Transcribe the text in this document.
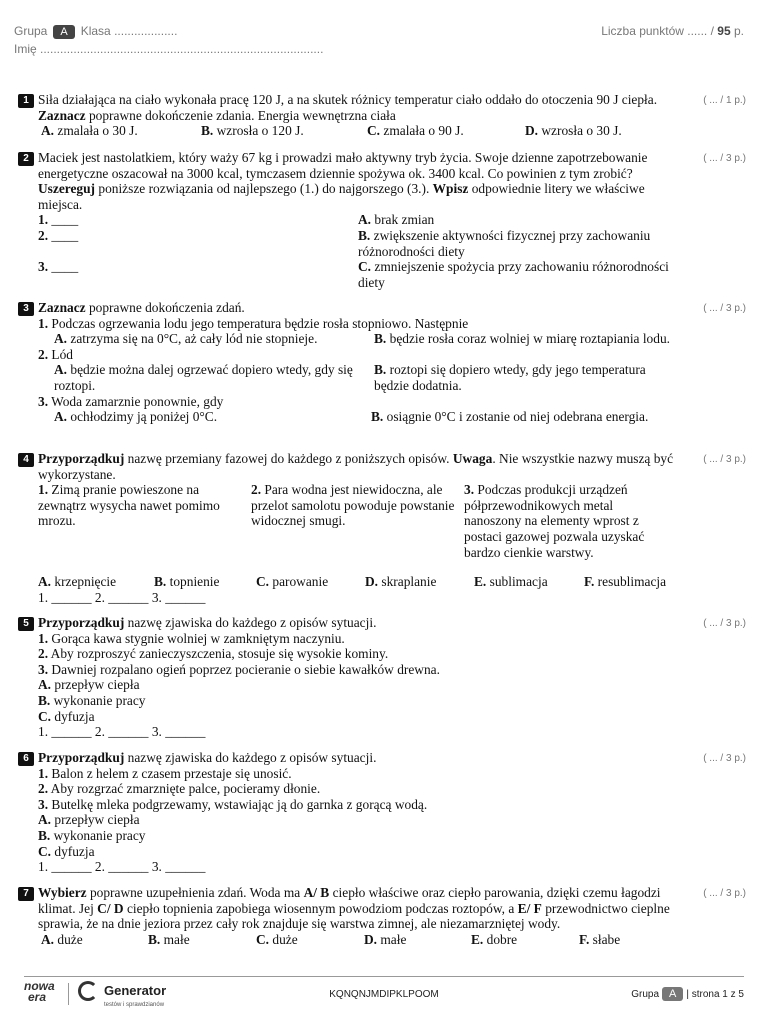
Grupa A Klasa ...................	Liczba punktów ...... / 95 p.
Imię .....................................................................................
1	( ... / 1 p.)
Siła działająca na ciało wykonała pracę 120 J, a na skutek różnicy temperatur ciało oddało do otoczenia 90 J ciepła. Zaznacz poprawne dokończenie zdania. Energia wewnętrzna ciała
A. zmalała o 30 J.	B. wzrosła o 120 J.	C. zmalała o 90 J.	D. wzrosła o 30 J.
2	( ... / 3 p.)
Maciek jest nastolatkiem, który waży 67 kg i prowadzi mało aktywny tryb życia. Swoje dzienne zapotrzebowanie energetyczne oszacował na 3000 kcal, tymczasem dziennie spożywa ok. 3400 kcal. Co powinien z tym zrobić? Uszereguj poniższe rozwiązania od najlepszego (1.) do najgorszego (3.). Wpisz odpowiednie litery we właściwe miejsca.
1. ____
2. ____
3. ____
A. brak zmian
B. zwiększenie aktywności fizycznej przy zachowaniu różnorodności diety
C. zmniejszenie spożycia przy zachowaniu różnorodności diety
3	( ... / 3 p.)
Zaznacz poprawne dokończenia zdań.
1. Podczas ogrzewania lodu jego temperatura będzie rosła stopniowo. Następnie
A. zatrzyma się na 0°C, aż cały lód nie stopnieje.	B. będzie rosła coraz wolniej w miarę roztapiania lodu.
2. Lód
A. będzie można dalej ogrzewać dopiero wtedy, gdy się roztopi.
B. roztopi się dopiero wtedy, gdy jego temperatura będzie dodatnia.
3. Woda zamarznie ponownie, gdy
A. ochłodzimy ją poniżej 0°C.	B. osiągnie 0°C i zostanie od niej odebrana energia.
4	( ... / 3 p.)
Przyporządkuj nazwę przemiany fazowej do każdego z poniższych opisów. Uwaga. Nie wszystkie nazwy muszą być wykorzystane.
1. Zimą pranie powieszone na zewnątrz wysycha nawet pomimo mrozu.
2. Para wodna jest niewidoczna, ale przelot samolotu powoduje powstanie widocznej smugi.
3. Podczas produkcji urządzeń półprzewodnikowych metal nanoszony na elementy wprost z postaci gazowej pozwala uzyskać bardzo cienkie warstwy.
A. krzepnięcie	B. topnienie	C. parowanie	D. skraplanie	E. sublimacja	F. resublimacja
1. ______ 2. ______ 3. ______
5	( ... / 3 p.)
Przyporządkuj nazwę zjawiska do każdego z opisów sytuacji.
1. Gorąca kawa stygnie wolniej w zamkniętym naczyniu.
2. Aby rozproszyć zanieczyszczenia, stosuje się wysokie kominy.
3. Dawniej rozpalano ogień poprzez pocieranie o siebie kawałków drewna.
A. przepływ ciepła
B. wykonanie pracy
C. dyfuzja
1. ______ 2. ______ 3. ______
6	( ... / 3 p.)
Przyporządkuj nazwę zjawiska do każdego z opisów sytuacji.
1. Balon z helem z czasem przestaje się unosić.
2. Aby rozgrzać zmarznięte palce, pocieramy dłonie.
3. Butelkę mleka podgrzewamy, wstawiając ją do garnka z gorącą wodą.
A. przepływ ciepła
B. wykonanie pracy
C. dyfuzja
1. ______ 2. ______ 3. ______
7	( ... / 3 p.)
Wybierz poprawne uzupełnienia zdań. Woda ma A/ B ciepło właściwe oraz ciepło parowania, dzięki czemu łagodzi klimat. Jej C/ D ciepło topnienia zapobiega wiosennym powodziom podczas roztopów, a E/ F przewodnictwo cieplne sprawia, że na dnie jeziora przez cały rok znajduje się warstwa zimnej, ale niezamarzniętej wody.
A. duże	B. małe	C. duże	D. małe	E. dobre	F. słabe
nowa
era	Generator
testów i sprawdzianów
KQNQNJMDIPKLPOOM	Grupa A | strona 1 z 5
